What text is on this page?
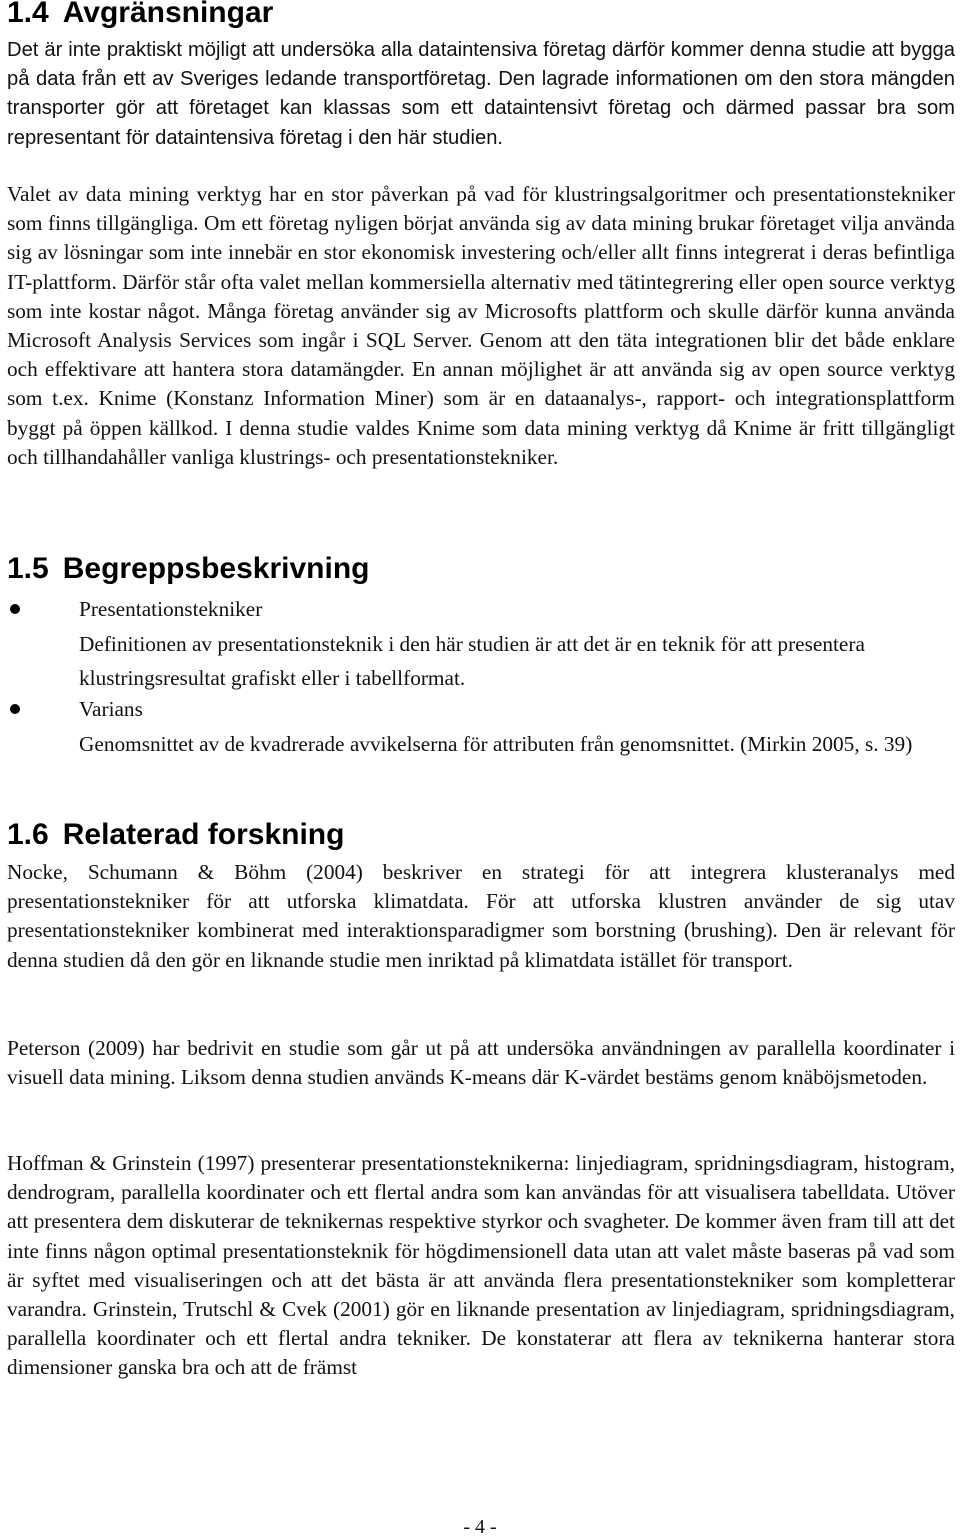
1.4 Avgränsningar

Det är inte praktiskt möjligt att undersöka alla dataintensiva företag därför kommer denna studie att bygga på data från ett av Sveriges ledande transportföretag. Den lagrade informationen om den stora mängden transporter gör att företaget kan klassas som ett dataintensivt företag och därmed passar bra som representant för dataintensiva företag i den här studien.

Valet av data mining verktyg har en stor påverkan på vad för klustringsalgoritmer och presentationstekniker som finns tillgängliga. Om ett företag nyligen börjat använda sig av data mining brukar företaget vilja använda sig av lösningar som inte innebär en stor ekonomisk investering och/eller allt finns integrerat i deras befintliga IT-plattform. Därför står ofta valet mellan kommersiella alternativ med tätintegrering eller open source verktyg som inte kostar något. Många företag använder sig av Microsofts plattform och skulle därför kunna använda Microsoft Analysis Services som ingår i SQL Server. Genom att den täta integrationen blir det både enklare och effektivare att hantera stora datamängder. En annan möjlighet är att använda sig av open source verktyg som t.ex. Knime (Konstanz Information Miner) som är en dataanalys-, rapport- och integrationsplattform byggt på öppen källkod. I denna studie valdes Knime som data mining verktyg då Knime är fritt tillgängligt och tillhandahåller vanliga klustrings- och presentationstekniker.

1.5 Begreppsbeskrivning
Presentationstekniker
Definitionen av presentationsteknik i den här studien är att det är en teknik för att presentera klustringsresultat grafiskt eller i tabellformat.
Varians
Genomsnittet av de kvadrerade avvikelserna för attributen från genomsnittet. (Mirkin 2005, s. 39)
1.6 Relaterad forskning

Nocke, Schumann & Böhm (2004) beskriver en strategi för att integrera klusteranalys med presentationstekniker för att utforska klimatdata. För att utforska klustren använder de sig utav presentationstekniker kombinerat med interaktionsparadigmer som borstning (brushing). Den är relevant för denna studien då den gör en liknande studie men inriktad på klimatdata istället för transport.

Peterson (2009) har bedrivit en studie som går ut på att undersöka användningen av parallella koordinater i visuell data mining. Liksom denna studien används K-means där K-värdet bestäms genom knäböjsmetoden.

Hoffman & Grinstein (1997) presenterar presentationsteknikerna: linjediagram, spridningsdiagram, histogram, dendrogram, parallella koordinater och ett flertal andra som kan användas för att visualisera tabelldata. Utöver att presentera dem diskuterar de teknikernas respektive styrkor och svagheter. De kommer även fram till att det inte finns någon optimal presentationsteknik för högdimensionell data utan att valet måste baseras på vad som är syftet med visualiseringen och att det bästa är att använda flera presentationstekniker som kompletterar varandra. Grinstein, Trutschl & Cvek (2001) gör en liknande presentation av linjediagram, spridningsdiagram, parallella koordinater och ett flertal andra tekniker. De konstaterar att flera av teknikerna hanterar stora dimensioner ganska bra och att de främst

- 4 -
